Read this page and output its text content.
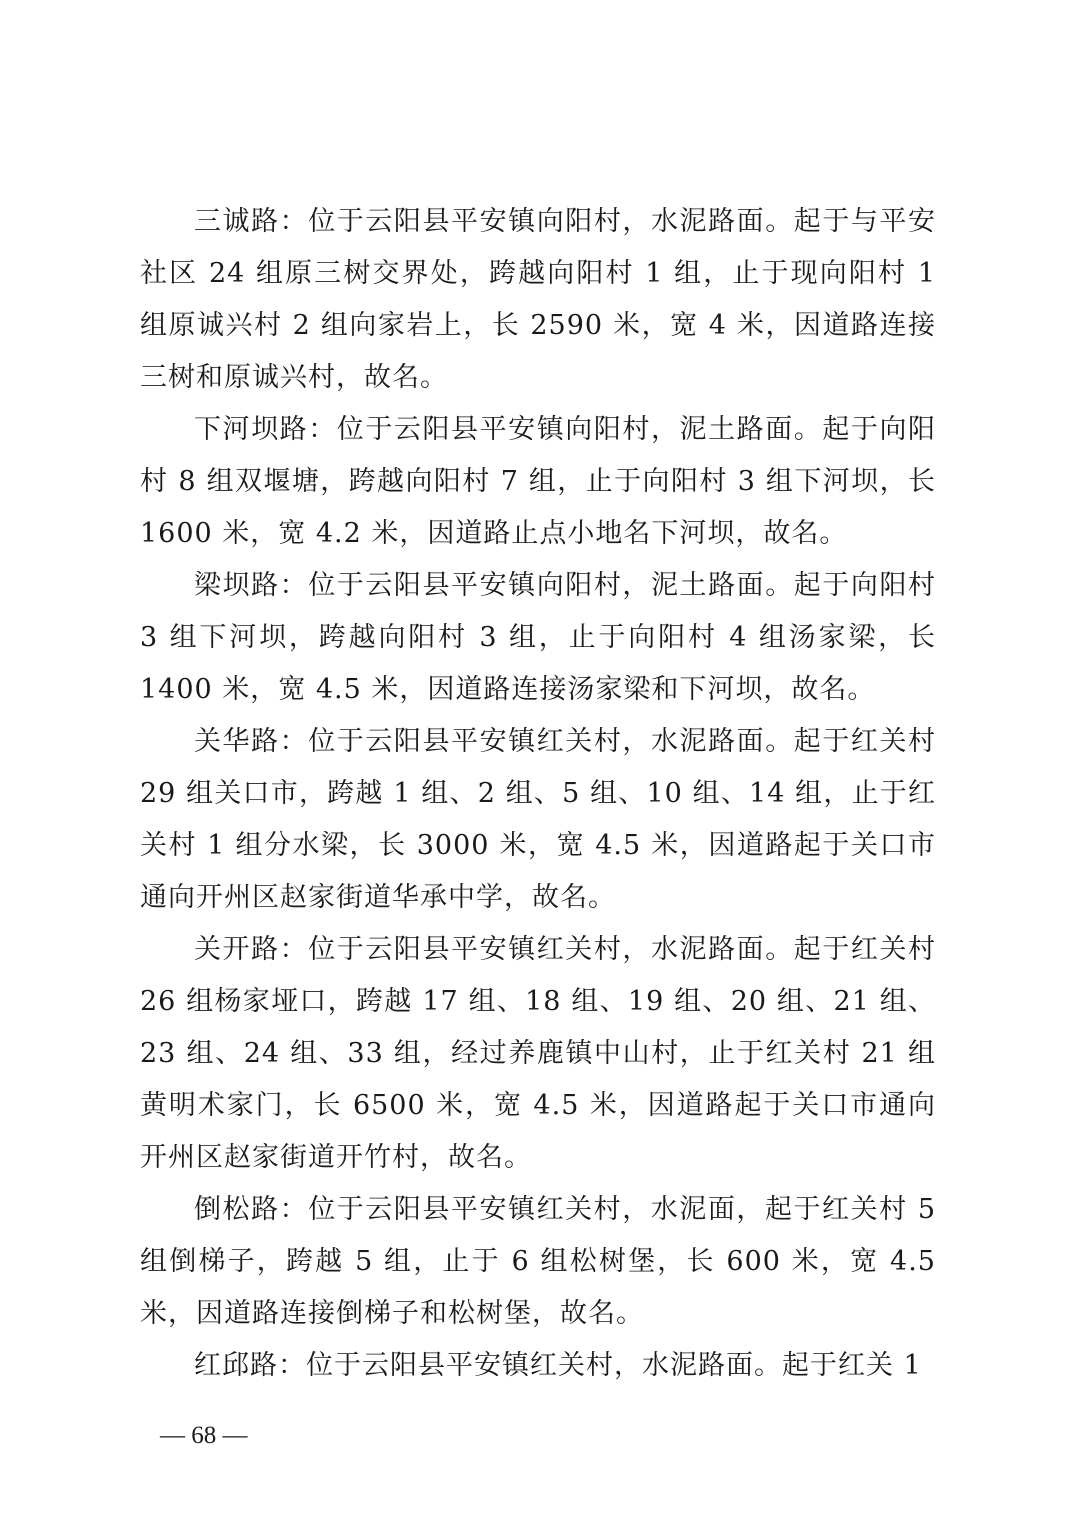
三诚路：位于云阳县平安镇向阳村，水泥路面。起于与平安社区 24 组原三树交界处，跨越向阳村 1 组，止于现向阳村 1 组原诚兴村 2 组向家岩上，长 2590 米，宽 4 米，因道路连接三树和原诚兴村，故名。

下河坝路：位于云阳县平安镇向阳村，泥土路面。起于向阳村 8 组双堰塘，跨越向阳村 7 组，止于向阳村 3 组下河坝，长 1600 米，宽 4.2 米，因道路止点小地名下河坝，故名。

梁坝路：位于云阳县平安镇向阳村，泥土路面。起于向阳村 3 组下河坝，跨越向阳村 3 组，止于向阳村 4 组汤家梁，长 1400 米，宽 4.5 米，因道路连接汤家梁和下河坝，故名。

关华路：位于云阳县平安镇红关村，水泥路面。起于红关村 29 组关口市，跨越 1 组、2 组、5 组、10 组、14 组，止于红关村 1 组分水梁，长 3000 米，宽 4.5 米，因道路起于关口市通向开州区赵家街道华承中学，故名。

关开路：位于云阳县平安镇红关村，水泥路面。起于红关村 26 组杨家垭口，跨越 17 组、18 组、19 组、20 组、21 组、23 组、24 组、33 组，经过养鹿镇中山村，止于红关村 21 组黄明术家门，长 6500 米，宽 4.5 米，因道路起于关口市通向开州区赵家街道开竹村，故名。

倒松路：位于云阳县平安镇红关村，水泥面，起于红关村 5 组倒梯子，跨越 5 组，止于 6 组松树堡，长 600 米，宽 4.5 米，因道路连接倒梯子和松树堡，故名。

红邱路：位于云阳县平安镇红关村，水泥路面。起于红关 1

— 68 —
